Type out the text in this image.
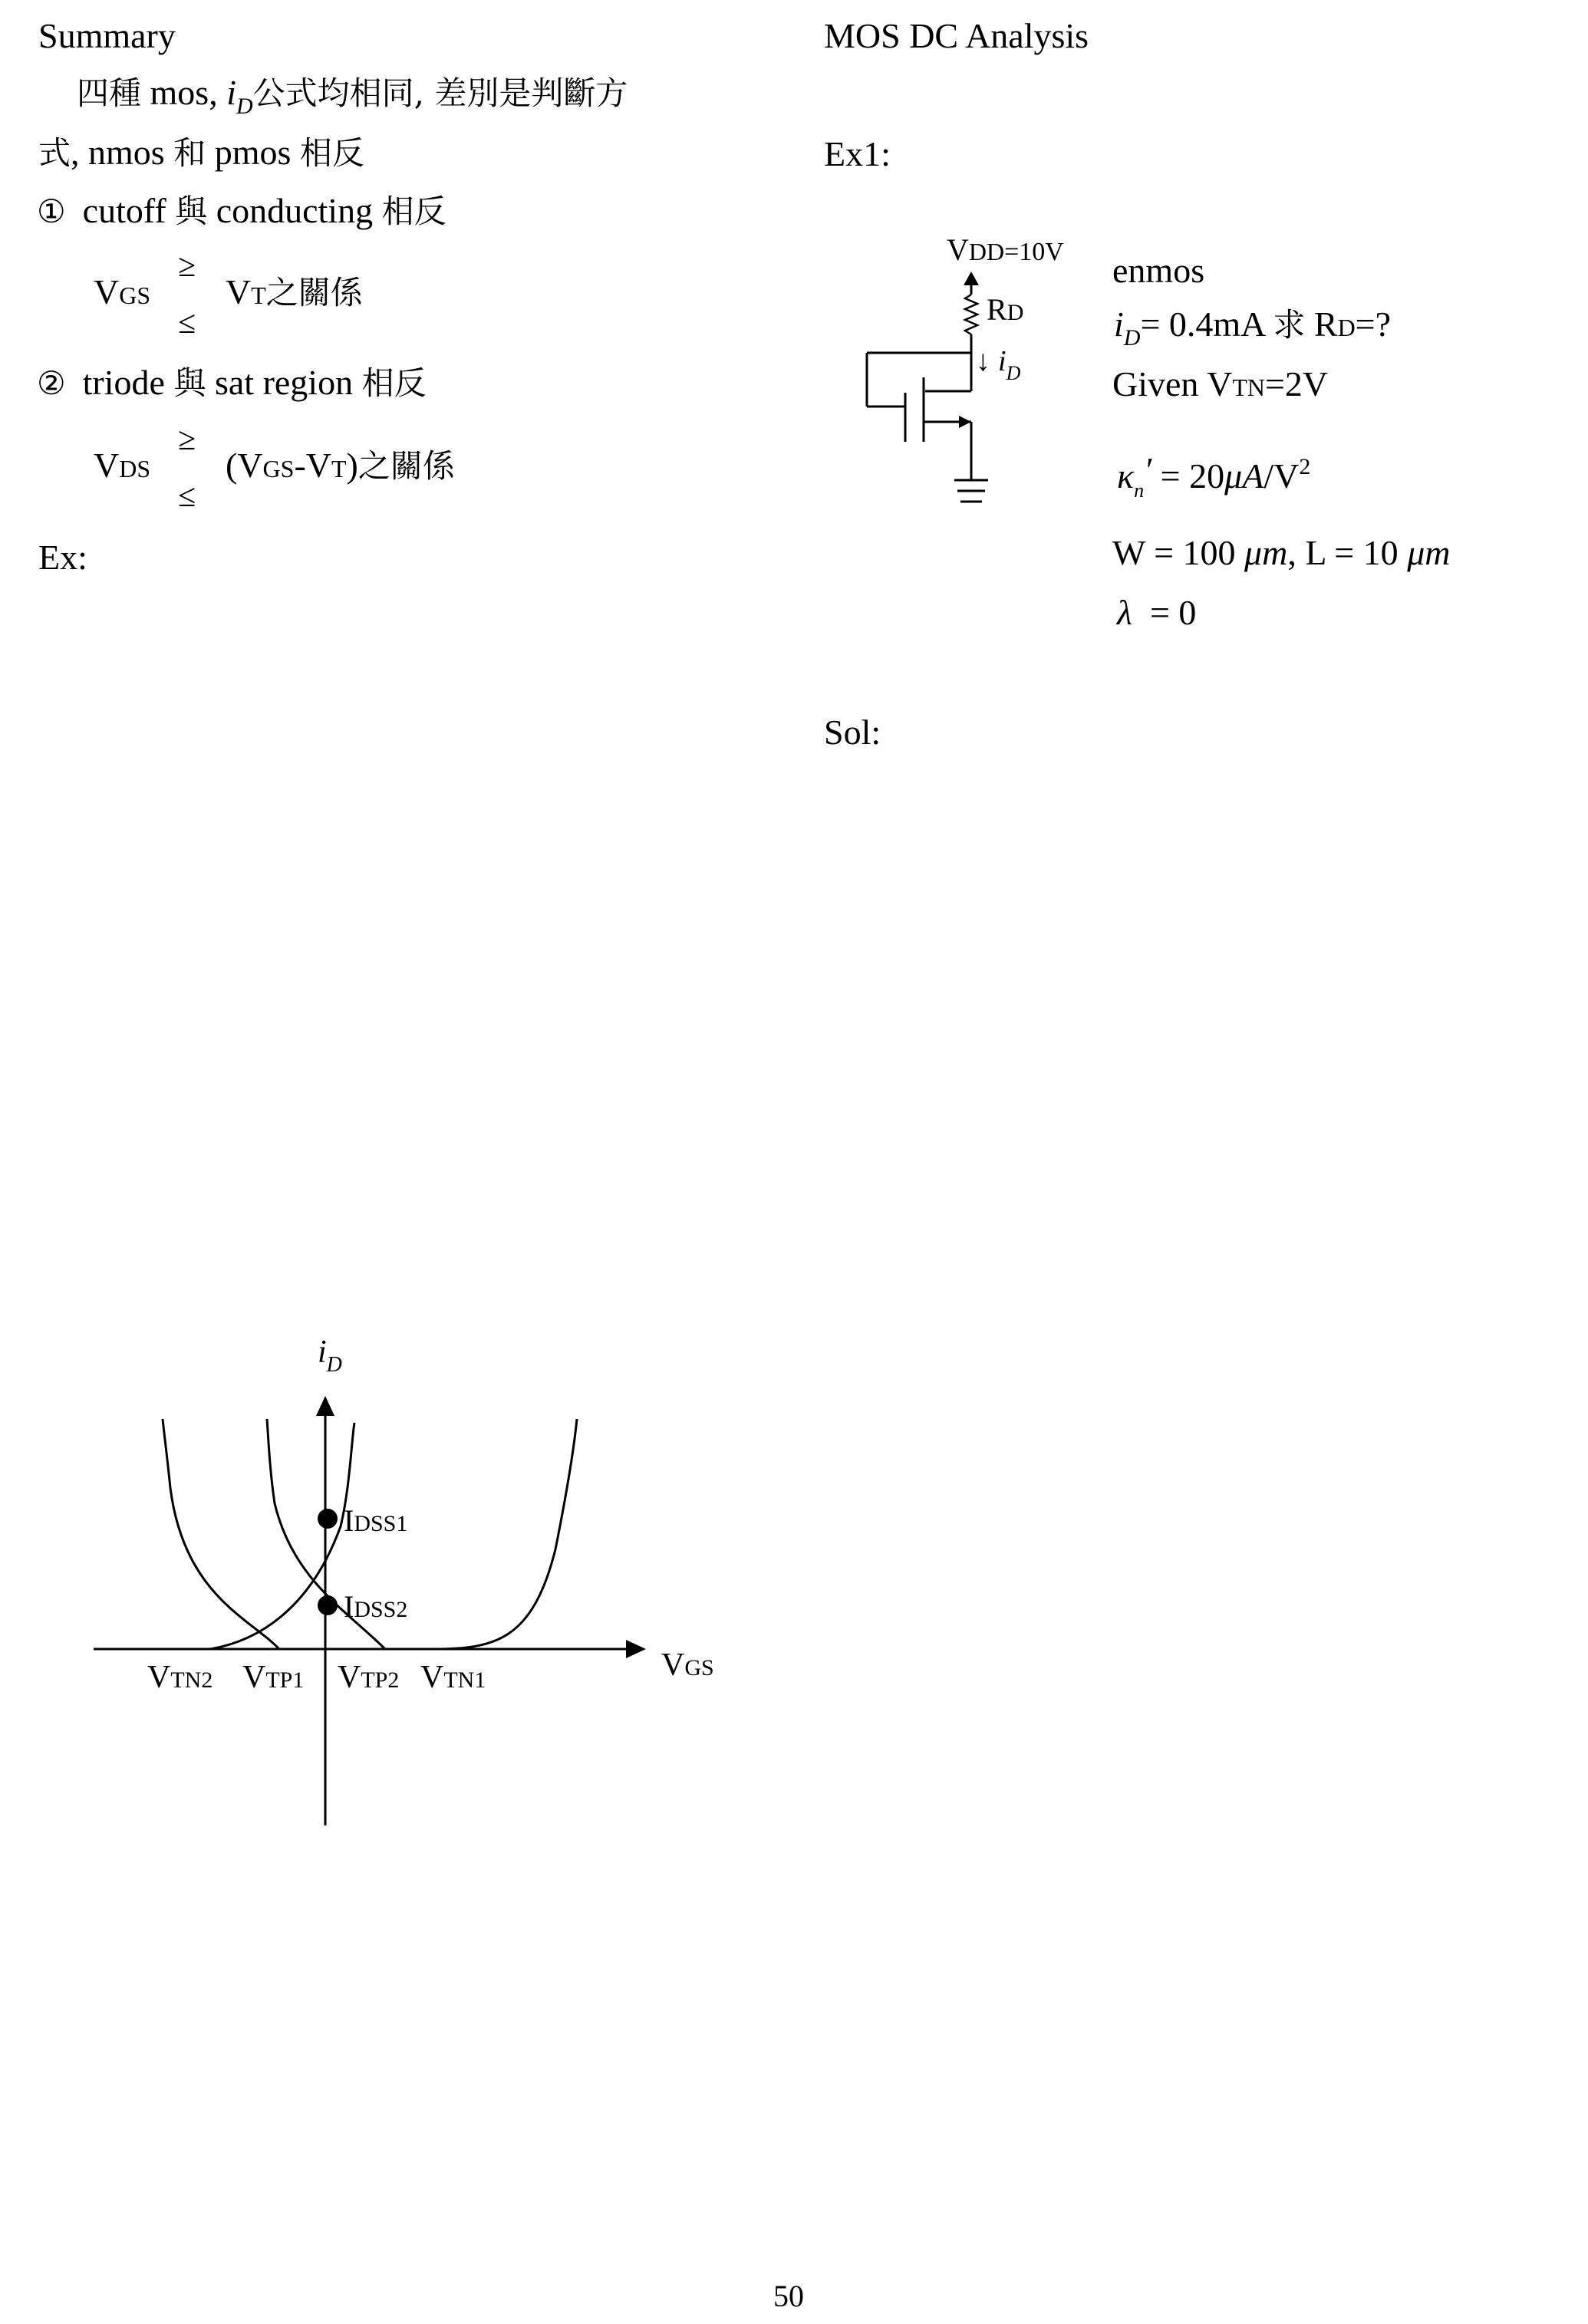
Summary
四種 mos, $i_D$公式均相同, 差別是判斷方
式, nmos 和 pmos 相反
① cutoff 與 conducting 相反
VGS
≥
≤
VT之關係
② triode 與 sat region 相反
VDS
≥
≤
(VGS-VT)之關係
Ex:
$i_D$
VGS
IDSS1
IDSS2
VTN2 VTP1 VTP2 VTN1
MOS DC Analysis
Ex1:
VDD=10V
RD
↓ $i_D$
enmos
$i_D= 0.4mA$ 求 RD=?
Given VTN=2V
$\kappa_n' = 20\mu A/V^2$
W = 100 μm, L = 10 μm
λ  = 0
Sol:
50
